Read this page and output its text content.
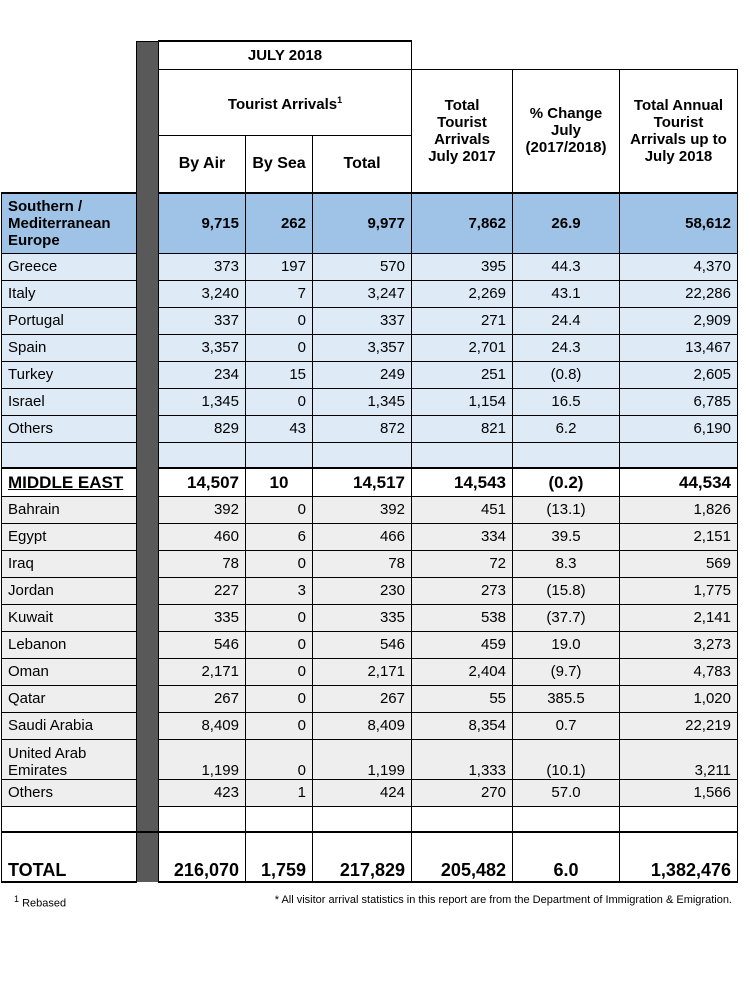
		JULY 2018					
		Tourist Arrivals$^1$			Total Tourist Arrivals July 2017	% Change July (2017/2018)	Total Annual Tourist Arrivals up to July 2018
		By Air	By Sea	Total			
Southern / Mediterranean Europe		9,715	262	9,977	7,862	26.9	58,612
Greece		373	197	570	395	44.3	4,370
Italy		3,240	7	3,247	2,269	43.1	22,286
Portugal		337	0	337	271	24.4	2,909
Spain		3,357	0	3,357	2,701	24.3	13,467
Turkey		234	15	249	251	(0.8)	2,605
Israel		1,345	0	1,345	1,154	16.5	6,785
Others		829	43	872	821	6.2	6,190

MIDDLE EAST		14,507	10	14,517	14,543	(0.2)	44,534
Bahrain		392	0	392	451	(13.1)	1,826
Egypt		460	6	466	334	39.5	2,151
Iraq		78	0	78	72	8.3	569
Jordan		227	3	230	273	(15.8)	1,775
Kuwait		335	0	335	538	(37.7)	2,141
Lebanon		546	0	546	459	19.0	3,273
Oman		2,171	0	2,171	2,404	(9.7)	4,783
Qatar		267	0	267	55	385.5	1,020
Saudi Arabia		8,409	0	8,409	8,354	0.7	22,219
United Arab Emirates		1,199	0	1,199	1,333	(10.1)	3,211
Others		423	1	424	270	57.0	1,566

TOTAL		216,070	1,759	217,829	205,482	6.0	1,382,476
$^1$ Rebased	* All visitor arrival statistics in this report are from the Department of Immigration & Emigration.
